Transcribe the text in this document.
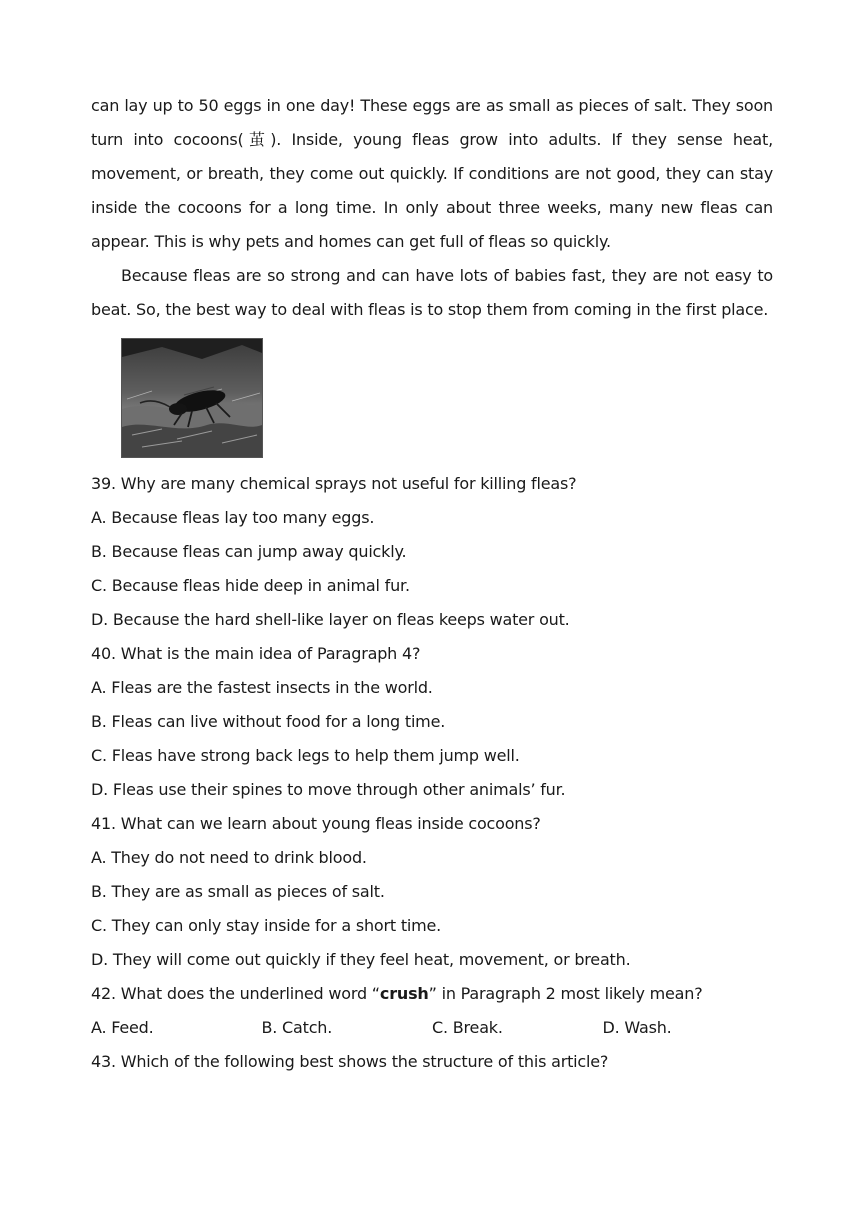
can lay up to 50 eggs in one day! These eggs are as small as pieces of salt. They soon turn into cocoons(茧). Inside, young fleas grow into adults. If they sense heat, movement, or breath, they come out quickly. If conditions are not good, they can stay inside the cocoons for a long time. In only about three weeks, many new fleas can appear. This is why pets and homes can get full of fleas so quickly.

Because fleas are so strong and can have lots of babies fast, they are not easy to beat. So, the best way to deal with fleas is to stop them from coming in the first place.

39. Why are many chemical sprays not useful for killing fleas?

A. Because fleas lay too many eggs.

B. Because fleas can jump away quickly.

C. Because fleas hide deep in animal fur.

D. Because the hard shell-like layer on fleas keeps water out.

40. What is the main idea of Paragraph 4?

A. Fleas are the fastest insects in the world.

B. Fleas can live without food for a long time.

C. Fleas have strong back legs to help them jump well.

D. Fleas use their spines to move through other animals’ fur.

41. What can we learn about young fleas inside cocoons?

A. They do not need to drink blood.

B. They are as small as pieces of salt.

C. They can only stay inside for a short time.

D. They will come out quickly if they feel heat, movement, or breath.

42. What does the underlined word “crush” in Paragraph 2 most likely mean?

A. Feed.	B. Catch.	C. Break.	D. Wash.

43. Which of the following best shows the structure of this article?
